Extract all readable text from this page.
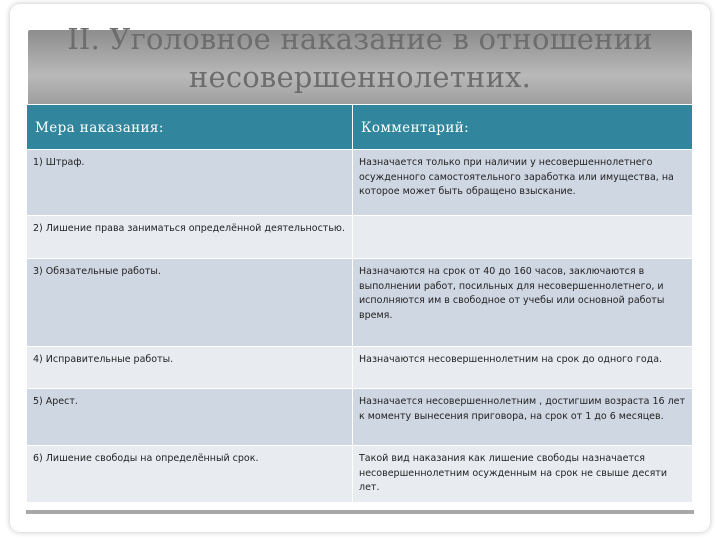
II. Уголовное наказание в отношении несовершеннолетних.
Мера наказания:	Комментарий:
1) Штраф.	Назначается только при наличии у несовершеннолетнего осужденного самостоятельного заработка или имущества, на которое может быть обращено взыскание.
2) Лишение права заниматься определённой деятельностью.	
3) Обязательные работы.	Назначаются на срок от 40 до 160 часов, заключаются в выполнении работ, посильных для несовершеннолетнего, и исполняются им в свободное от учебы или основной работы время.
4) Исправительные работы.	Назначаются несовершеннолетним на срок до одного года.
5) Арест.	Назначается несовершеннолетним , достигшим возраста 16 лет к моменту вынесения приговора, на срок от 1 до 6 месяцев.
6) Лишение свободы на определённый срок.	Такой вид наказания как лишение свободы назначается несовершеннолетним осужденным на срок не свыше десяти лет.
